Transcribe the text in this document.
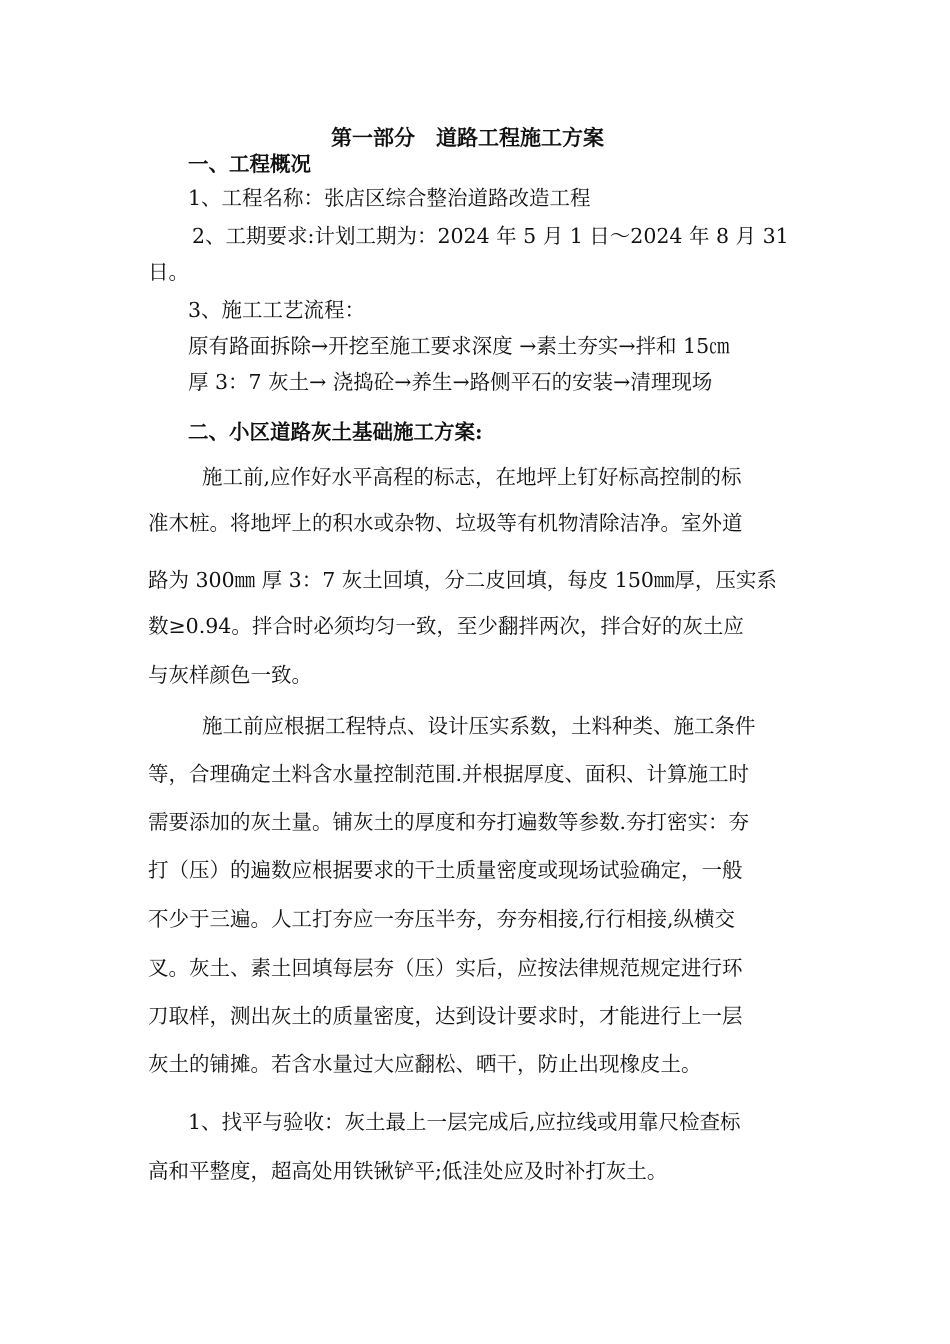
第一部分　道路工程施工方案
一、工程概况
1、工程名称：张店区综合整治道路改造工程
2、工期要求:计划工期为：2024 年 5 月 1 日～2024 年 8 月 31
日。
3、施工工艺流程：
原有路面拆除→开挖至施工要求深度 →素土夯实→拌和 15㎝
厚 3：7 灰土→ 浇捣砼→养生→路侧平石的安装→清理现场
二、小区道路灰土基础施工方案:
施工前,应作好水平高程的标志，在地坪上钉好标高控制的标
准木桩。将地坪上的积水或杂物、垃圾等有机物清除洁净。室外道
路为 300㎜ 厚 3：7 灰土回填，分二皮回填，每皮 150㎜厚，压实系
数≥0.94。拌合时必须均匀一致，至少翻拌两次，拌合好的灰土应
与灰样颜色一致。
施工前应根据工程特点、设计压实系数，土料种类、施工条件
等，合理确定土料含水量控制范围.并根据厚度、面积、计算施工时
需要添加的灰土量。铺灰土的厚度和夯打遍数等参数.夯打密实：夯
打（压）的遍数应根据要求的干土质量密度或现场试验确定，一般
不少于三遍。人工打夯应一夯压半夯，夯夯相接,行行相接,纵横交
叉。灰土、素土回填每层夯（压）实后，应按法律规范规定进行环
刀取样，测出灰土的质量密度，达到设计要求时，才能进行上一层
灰土的铺摊。若含水量过大应翻松、晒干，防止出现橡皮土。
1、找平与验收：灰土最上一层完成后,应拉线或用靠尺检查标
高和平整度，超高处用铁锹铲平;低洼处应及时补打灰土。
